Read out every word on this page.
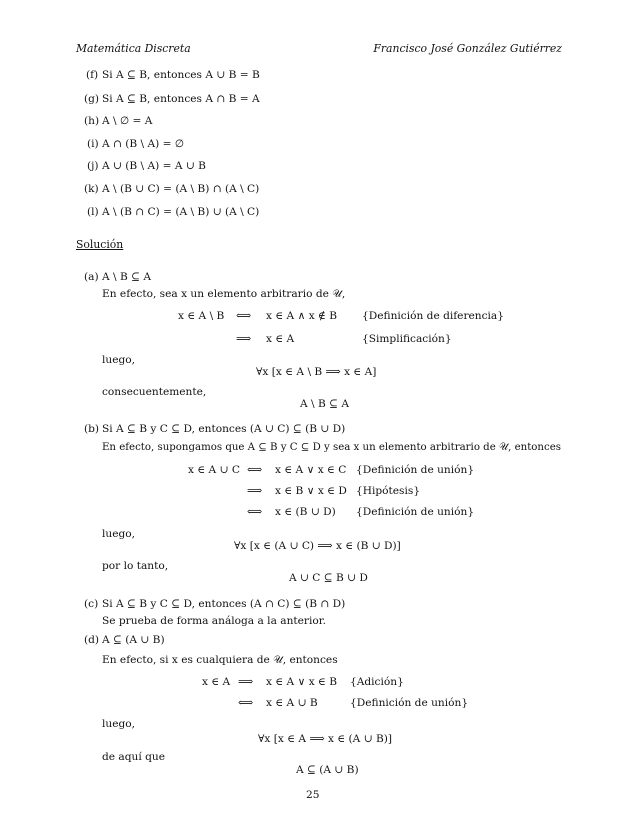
Matemática Discreta	Francisco José González Gutiérrez
(f) Si A ⊆ B, entonces A ∪ B = B
(g) Si A ⊆ B, entonces A ∩ B = A
(h) A \ ∅ = A
(i) A ∩ (B \ A) = ∅
(j) A ∪ (B \ A) = A ∪ B
(k) A \ (B ∪ C) = (A \ B) ∩ (A \ C)
(l) A \ (B ∩ C) = (A \ B) ∪ (A \ C)
Solución
(a) A \ B ⊆ A
En efecto, sea x un elemento arbitrario de 𝒰,
x ∈ A \ B ⟺ x ∈ A ∧ x ∉ B {Definición de diferencia}
⟹ x ∈ A	{Simplificación}
luego,
∀x [x ∈ A \ B ⟹ x ∈ A]
consecuentemente,
A \ B ⊆ A
(b) Si A ⊆ B y C ⊆ D, entonces (A ∪ C) ⊆ (B ∪ D)
En efecto, supongamos que A ⊆ B y C ⊆ D y sea x un elemento arbitrario de 𝒰, entonces
x ∈ A ∪ C ⟺ x ∈ A ∨ x ∈ C {Definición de unión}
⟹ x ∈ B ∨ x ∈ D {Hipótesis}
⟺ x ∈ (B ∪ D) {Definición de unión}
luego,
∀x [x ∈ (A ∪ C) ⟹ x ∈ (B ∪ D)]
por lo tanto,
A ∪ C ⊆ B ∪ D
(c) Si A ⊆ B y C ⊆ D, entonces (A ∩ C) ⊆ (B ∩ D)
Se prueba de forma análoga a la anterior.
(d) A ⊆ (A ∪ B)
En efecto, si x es cualquiera de 𝒰, entonces
x ∈ A ⟹ x ∈ A ∨ x ∈ B {Adición}
⟺ x ∈ A ∪ B	{Definición de unión}
luego,
∀x [x ∈ A ⟹ x ∈ (A ∪ B)]
de aquí que
A ⊆ (A ∪ B)
25
